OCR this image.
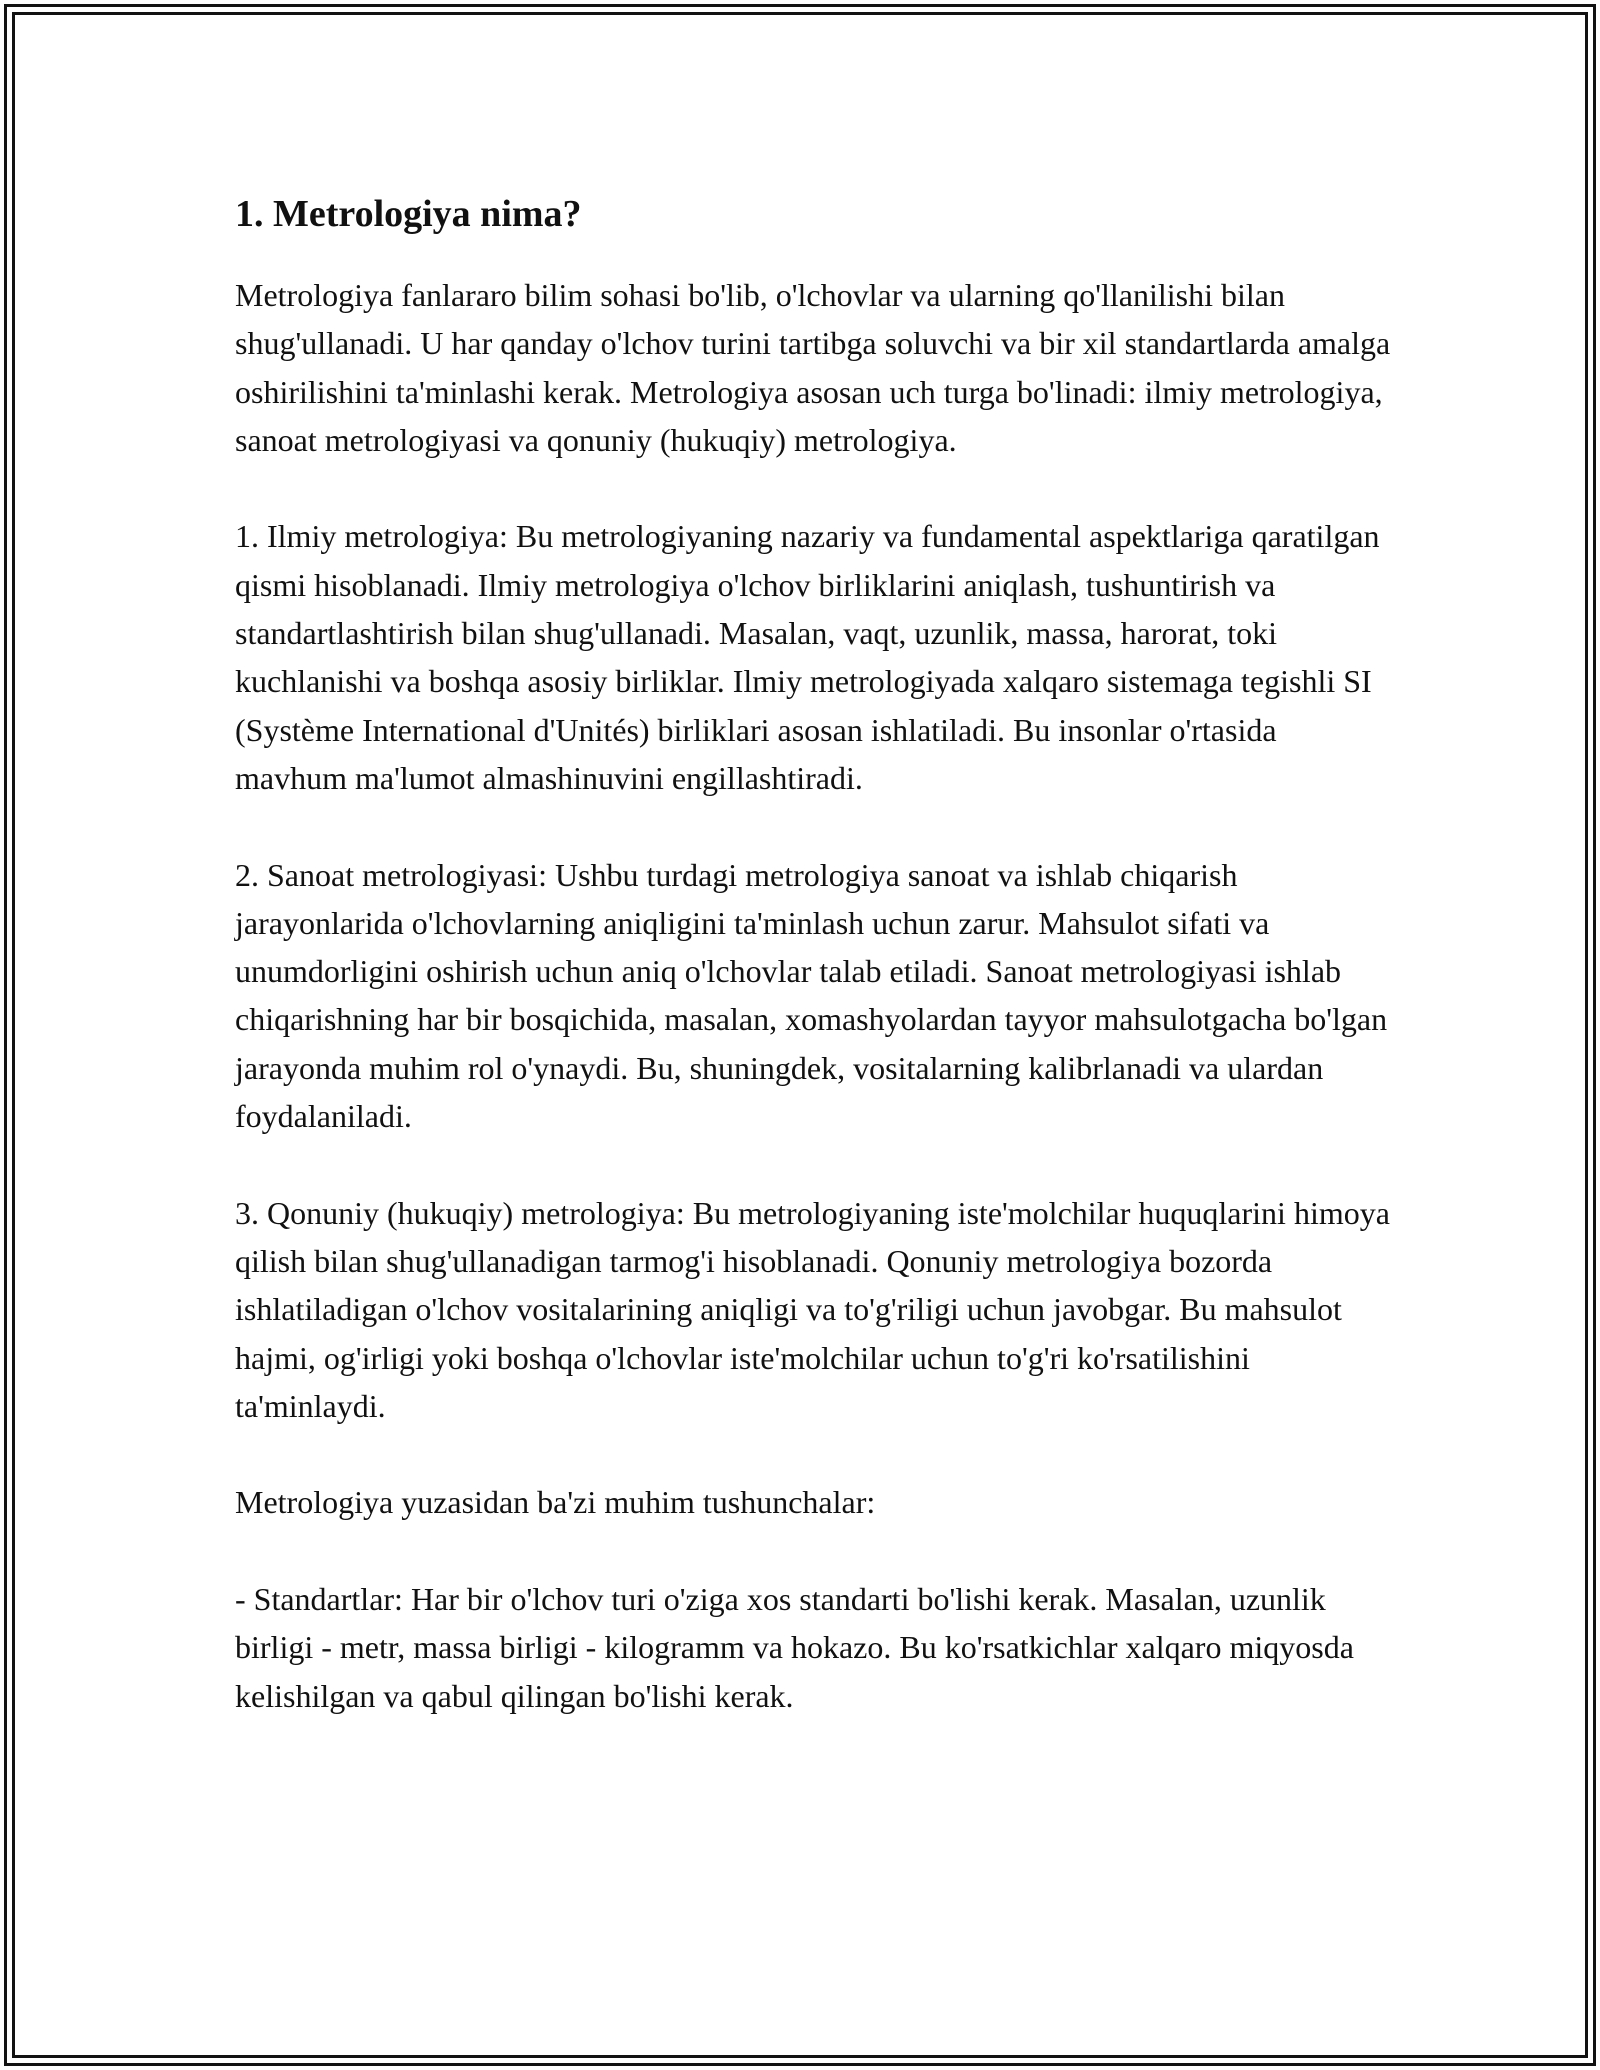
1. Metrologiya nima?

Metrologiya fanlararo bilim sohasi bo'lib, o'lchovlar va ularning qo'llanilishi bilan shug'ullanadi. U har qanday o'lchov turini tartibga soluvchi va bir xil standartlarda amalga oshirilishini ta'minlashi kerak. Metrologiya asosan uch turga bo'linadi: ilmiy metrologiya, sanoat metrologiyasi va qonuniy (hukuqiy) metrologiya.

1. Ilmiy metrologiya: Bu metrologiyaning nazariy va fundamental aspektlariga qaratilgan qismi hisoblanadi. Ilmiy metrologiya o'lchov birliklarini aniqlash, tushuntirish va standartlashtirish bilan shug'ullanadi. Masalan, vaqt, uzunlik, massa, harorat, toki kuchlanishi va boshqa asosiy birliklar. Ilmiy metrologiyada xalqaro sistemaga tegishli SI (Système International d'Unités) birliklari asosan ishlatiladi. Bu insonlar o'rtasida mavhum ma'lumot almashinuvini engillashtiradi.

2. Sanoat metrologiyasi: Ushbu turdagi metrologiya sanoat va ishlab chiqarish jarayonlarida o'lchovlarning aniqligini ta'minlash uchun zarur. Mahsulot sifati va unumdorligini oshirish uchun aniq o'lchovlar talab etiladi. Sanoat metrologiyasi ishlab chiqarishning har bir bosqichida, masalan, xomashyolardan tayyor mahsulotgacha bo'lgan jarayonda muhim rol o'ynaydi. Bu, shuningdek, vositalarning kalibrlanadi va ulardan foydalaniladi.

3. Qonuniy (hukuqiy) metrologiya: Bu metrologiyaning iste'molchilar huquqlarini himoya qilish bilan shug'ullanadigan tarmog'i hisoblanadi. Qonuniy metrologiya bozorda ishlatiladigan o'lchov vositalarining aniqligi va to'g'riligi uchun javobgar. Bu mahsulot hajmi, og'irligi yoki boshqa o'lchovlar iste'molchilar uchun to'g'ri ko'rsatilishini ta'minlaydi.

Metrologiya yuzasidan ba'zi muhim tushunchalar:

- Standartlar: Har bir o'lchov turi o'ziga xos standarti bo'lishi kerak. Masalan, uzunlik birligi - metr, massa birligi - kilogramm va hokazo. Bu ko'rsatkichlar xalqaro miqyosda kelishilgan va qabul qilingan bo'lishi kerak.
